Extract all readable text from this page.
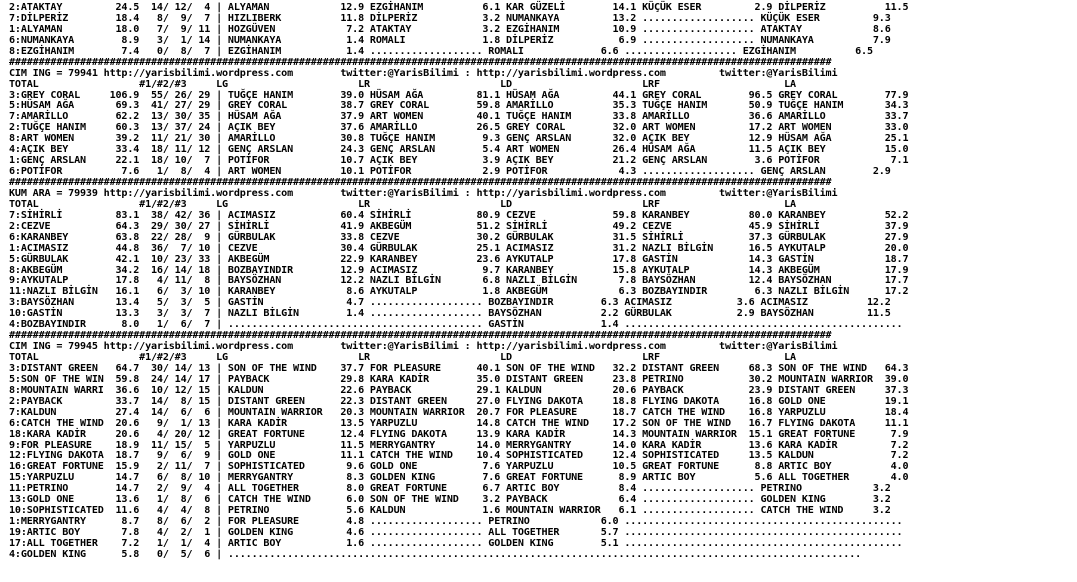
2:ATAKTAY         24.5  14/ 12/  4 | ALYAMAN            12.9 EZGİHANIM          6.1 KAR GÜZELİ        14.1 KÜÇÜK ESER         2.9 DİLPERİZ          11.5
7:DİLPERİZ        18.4   8/  9/  7 | HIZLIBERK          11.8 DİLPERİZ           3.2 NUMANKAYA         13.2 ................... KÜÇÜK ESER         9.3
1:ALYAMAN         18.0   7/  9/ 11 | HOZGÜVEN            7.2 ATAKTAY            3.2 EZGİHANIM         10.9 ................... ATAKTAY            8.6
6:NUMANKAYA        8.9   3/  1/ 14 | NUMANKAYA           1.4 ROMALI             1.8 DİLPERİZ           6.9 ................... NUMANKAYA          7.9
8:EZGİHANIM        7.4   0/  8/  7 | EZGİHANIM           1.4 ................... ROMALI             6.6 ................... EZGİHANIM          6.5
###########################################################################################################################################
CIM ING = 79941 http://yarisbilimi.wordpress.com        twitter:@YarisBilimi : http://yarisbilimi.wordpress.com         twitter:@YarisBilimi
TOTAL                 #1/#2/#3     LG                      LR                      LD                      LRF                     LA
3:GREY CORAL     106.9  55/ 26/ 29 | TUĞÇE HANIM        39.0 HÜSAM AĞA         81.1 HÜSAM AĞA         44.1 GREY CORAL        96.5 GREY CORAL        77.9
5:HÜSAM AĞA       69.3  41/ 27/ 29 | GREY CORAL         38.7 GREY CORAL        59.8 AMARİLLO          35.3 TUĞÇE HANIM       50.9 TUĞÇE HANIM       34.3
7:AMARİLLO        62.2  13/ 30/ 35 | HÜSAM AĞA          37.9 ART WOMEN         40.1 TUĞÇE HANIM       33.8 AMARİLLO          36.6 AMARİLLO          33.7
2:TUĞÇE HANIM     60.3  13/ 37/ 24 | AÇIK BEY           37.6 AMARİLLO          26.5 GREY CORAL        32.0 ART WOMEN         17.2 ART WOMEN         33.0
8:ART WOMEN       39.2  11/ 21/ 30 | AMARİLLO           30.8 TUĞÇE HANIM        9.3 GENÇ ARSLAN       32.0 AÇIK BEY          12.9 HÜSAM AĞA         25.1
4:AÇIK BEY        33.4  18/ 11/ 12 | GENÇ ARSLAN        24.3 GENÇ ARSLAN        5.4 ART WOMEN         26.4 HÜSAM AĞA         11.5 AÇIK BEY          15.0
1:GENÇ ARSLAN     22.1  18/ 10/  7 | POTİFOR            10.7 AÇIK BEY           3.9 AÇIK BEY          21.2 GENÇ ARSLAN        3.6 POTİFOR            7.1
6:POTİFOR          7.6   1/  8/  4 | ART WOMEN          10.1 POTİFOR            2.9 POTİFOR            4.3 ................... GENÇ ARSLAN        2.9
###########################################################################################################################################
KUM ARA = 79939 http://yarisbilimi.wordpress.com        twitter:@YarisBilimi : http://yarisbilimi.wordpress.com         twitter:@YarisBilimi
TOTAL                 #1/#2/#3     LG                      LR                      LD                      LRF                     LA
7:SİHİRLİ         83.1  38/ 42/ 36 | ACIMASIZ           60.4 SİHİRLİ           80.9 CEZVE             59.8 KARANBEY          80.0 KARANBEY          52.2
2:CEZVE           64.3  29/ 30/ 27 | SİHİRLİ            41.9 AKBEGÜM           51.2 SİHİRLİ           49.2 CEZVE             45.9 SİHİRLİ           37.9
6:KARANBEY        63.8  22/ 28/  9 | GÜRBULAK           33.8 CEZVE             30.2 GÜRBULAK          31.5 SİHİRLİ           37.3 GÜRBULAK          27.9
1:ACIMASIZ        44.8  36/  7/ 10 | CEZVE              30.4 GÜRBULAK          25.1 ACIMASIZ          31.2 NAZLI BİLGİN      16.5 AYKUTALP          20.0
5:GÜRBULAK        42.1  10/ 23/ 33 | AKBEGÜM            22.9 KARANBEY          23.6 AYKUTALP          17.8 GASTİN            14.3 GASTİN            18.7
8:AKBEGÜM         34.2  16/ 14/ 18 | BOZBAYINDIR        12.9 ACIMASIZ           9.7 KARANBEY          15.8 AYKUTALP          14.3 AKBEGÜM           17.9
9:AYKUTALP        17.8   4/ 11/  8 | BAYSÖZHAN          12.2 NAZLI BİLGİN       6.8 NAZLI BİLGİN       7.8 BAYSÖZHAN         12.4 BAYSÖZHAN         17.7
11:NAZLI BİLGİN   16.1   6/  3/ 10 | KARANBEY            8.6 AYKUTALP           1.8 AKBEGÜM            6.3 BOZBAYINDIR        6.3 NAZLI BİLGİN      17.2
3:BAYSÖZHAN       13.4   5/  3/  5 | GASTİN              4.7 ................... BOZBAYINDIR        6.3 ACIMASIZ           3.6 ACIMASIZ          12.2
10:GASTİN         13.3   3/  3/  7 | NAZLI BİLGİN        1.4 ................... BAYSÖZHAN          2.2 GÜRBULAK           2.9 BAYSÖZHAN         11.5
4:BOZBAYINDIR      8.0   1/  6/  7 | ........................................... GASTİN             1.4 ...............................................
###########################################################################################################################################
CIM ING = 79945 http://yarisbilimi.wordpress.com        twitter:@YarisBilimi : http://yarisbilimi.wordpress.com         twitter:@YarisBilimi
TOTAL                 #1/#2/#3     LG                      LR                      LD                      LRF                     LA
3:DISTANT GREEN   64.7  30/ 14/ 13 | SON OF THE WIND    37.7 FOR PLEASURE      40.1 SON OF THE WIND   32.2 DISTANT GREEN     68.3 SON OF THE WIND   64.3
5:SON OF THE WIN  59.8  24/ 14/ 17 | PAYBACK            29.8 KARA KADİR        35.0 DISTANT GREEN     23.8 PETRINO           30.2 MOUNTAIN WARRIOR  39.0
8:MOUNTAIN WARRI  36.6  10/ 12/ 15 | KALDUN             22.6 PAYBACK           29.1 KALDUN            20.6 PAYBACK           23.9 DISTANT GREEN     37.3
2:PAYBACK         33.7  14/  8/ 15 | DISTANT GREEN      22.3 DISTANT GREEN     27.0 FLYING DAKOTA     18.8 FLYING DAKOTA     16.8 GOLD ONE          19.1
7:KALDUN          27.4  14/  6/  6 | MOUNTAIN WARRIOR   20.3 MOUNTAIN WARRIOR  20.7 FOR PLEASURE      18.7 CATCH THE WIND    16.8 YARPUZLU          18.4
6:CATCH THE WIND  20.6   9/  1/ 13 | KARA KADİR         13.5 YARPUZLU          14.8 CATCH THE WIND    17.2 SON OF THE WIND   16.7 FLYING DAKOTA     11.1
18:KARA KADİR     20.6   4/ 20/ 12 | GREAT FORTUNE      12.4 FLYING DAKOTA     13.9 KARA KADİR        14.3 MOUNTAIN WARRIOR  15.1 GREAT FORTUNE      7.9
9:FOR PLEASURE    18.9  11/ 15/  5 | YARPUZLU           11.5 MERRYGANTRY       14.0 MERRYGANTRY       14.0 KARA KADİR        13.6 KARA KADİR         7.2
12:FLYING DAKOTA  18.7   9/  6/  9 | GOLD ONE           11.1 CATCH THE WIND    10.4 SOPHISTICATED     12.4 SOPHISTICATED     13.5 KALDUN             7.2
16:GREAT FORTUNE  15.9   2/ 11/  7 | SOPHISTICATED       9.6 GOLD ONE           7.6 YARPUZLU          10.5 GREAT FORTUNE      8.8 ARTIC BOY          4.0
15:YARPUZLU       14.7   6/  8/ 10 | MERRYGANTRY         8.3 GOLDEN KING        7.6 GREAT FORTUNE      8.9 ARTIC BOY          5.6 ALL TOGETHER       4.0
11:PETRINO        14.7   2/  9/  4 | ALL TOGETHER        8.0 GREAT FORTUNE      6.7 ARTIC BOY          8.4 ................... PETRINO            3.2
13:GOLD ONE       13.6   1/  8/  6 | CATCH THE WIND      6.0 SON OF THE WIND    3.2 PAYBACK            6.4 ................... GOLDEN KING        3.2
10:SOPHISTICATED  11.6   4/  4/  8 | PETRINO             5.6 KALDUN             1.6 MOUNTAIN WARRIOR   6.1 ................... CATCH THE WIND     3.2
1:MERRYGANTRY      8.7   8/  6/  2 | FOR PLEASURE        4.8 ................... PETRINO            6.0 ...............................................
19:ARTIC BOY       7.8   4/  2/  1 | GOLDEN KING         4.6 ................... ALL TOGETHER       5.7 ...............................................
17:ALL TOGETHER    7.2   1/  1/  4 | ARTIC BOY           1.6 ................... GOLDEN KING        5.1 ...............................................
4:GOLDEN KING      5.8   0/  5/  6 | ...........................................................................................................
